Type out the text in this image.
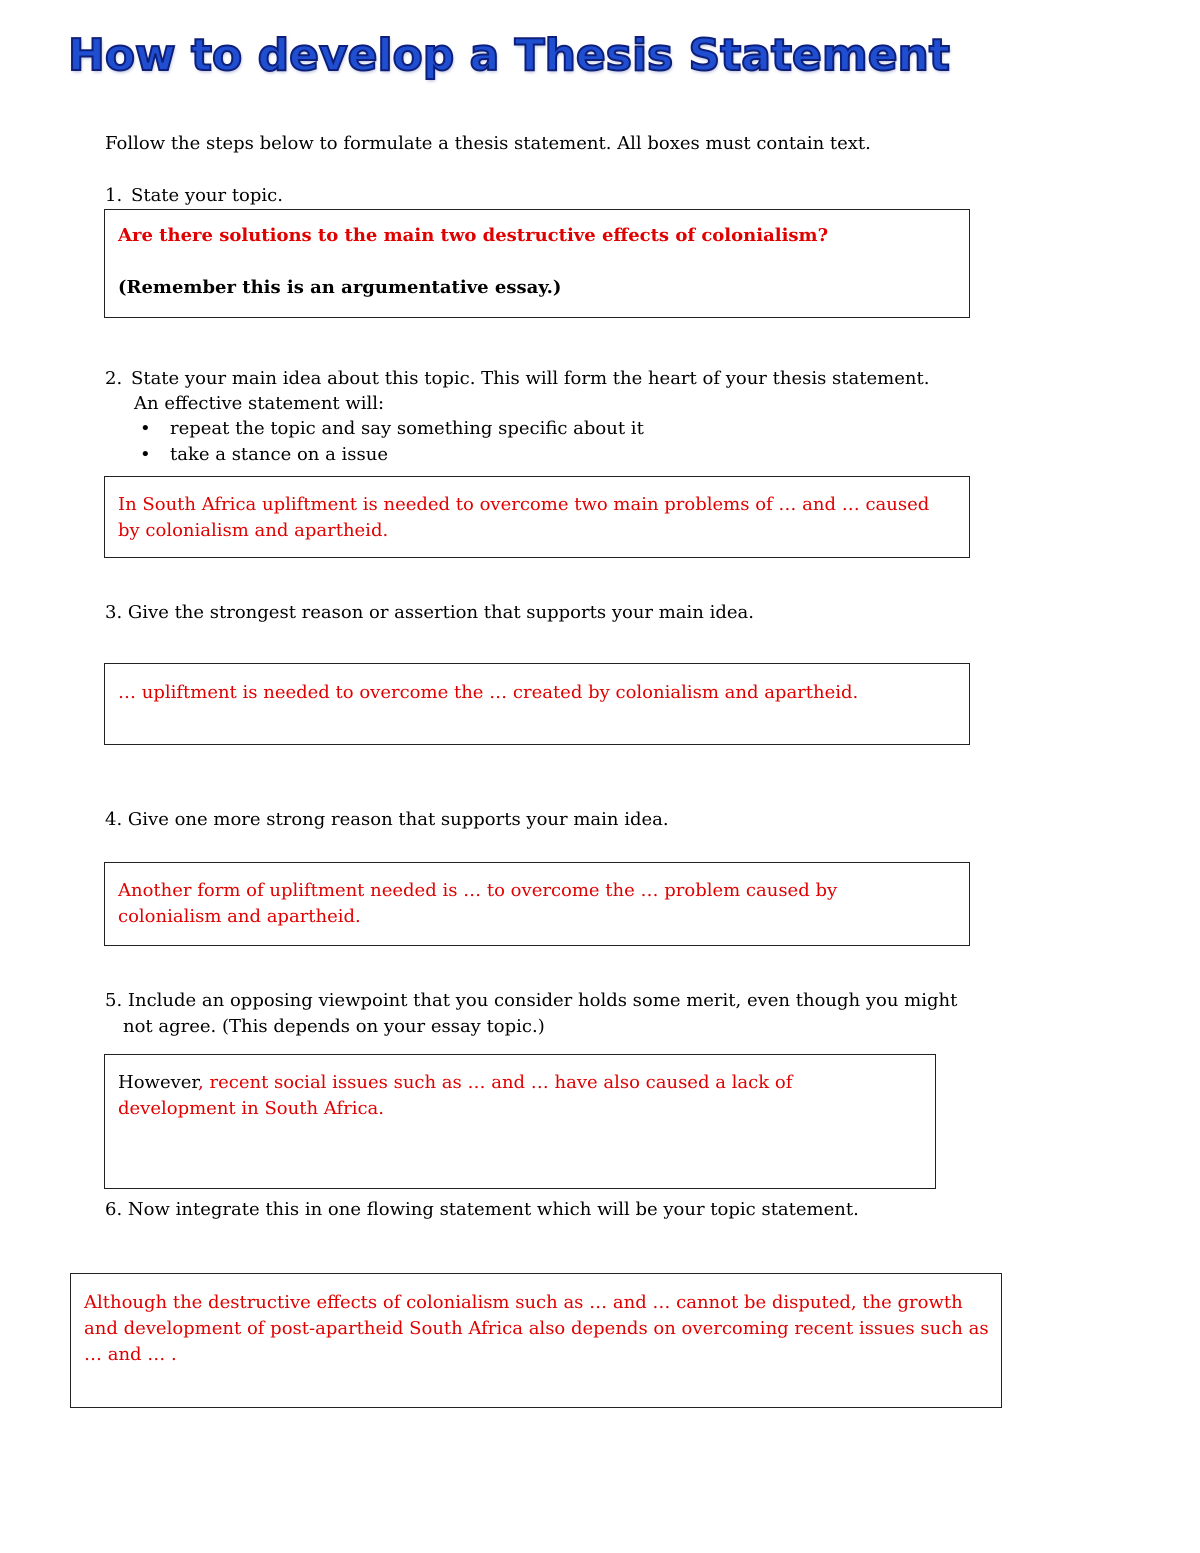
How to develop a Thesis Statement
Follow the steps below to formulate a thesis statement. All boxes must contain text.
1. State your topic.
Are there solutions to the main two destructive effects of colonialism?
(Remember this is an argumentative essay.)
2. State your main idea about this topic. This will form the heart of your thesis statement.
An effective statement will:
• repeat the topic and say something specific about it
• take a stance on a issue
In South Africa upliftment is needed to overcome two main problems of … and … caused by colonialism and apartheid.
3. Give the strongest reason or assertion that supports your main idea.
… upliftment is needed to overcome the … created by colonialism and apartheid.
4. Give one more strong reason that supports your main idea.
Another form of upliftment needed is … to overcome the … problem caused by colonialism and apartheid.
5. Include an opposing viewpoint that you consider holds some merit, even though you might
not agree. (This depends on your essay topic.)
However, recent social issues such as … and … have also caused a lack of development in South Africa.
6. Now integrate this in one flowing statement which will be your topic statement.
Although the destructive effects of colonialism such as … and … cannot be disputed, the growth and development of post-apartheid South Africa also depends on overcoming recent issues such as … and … .
